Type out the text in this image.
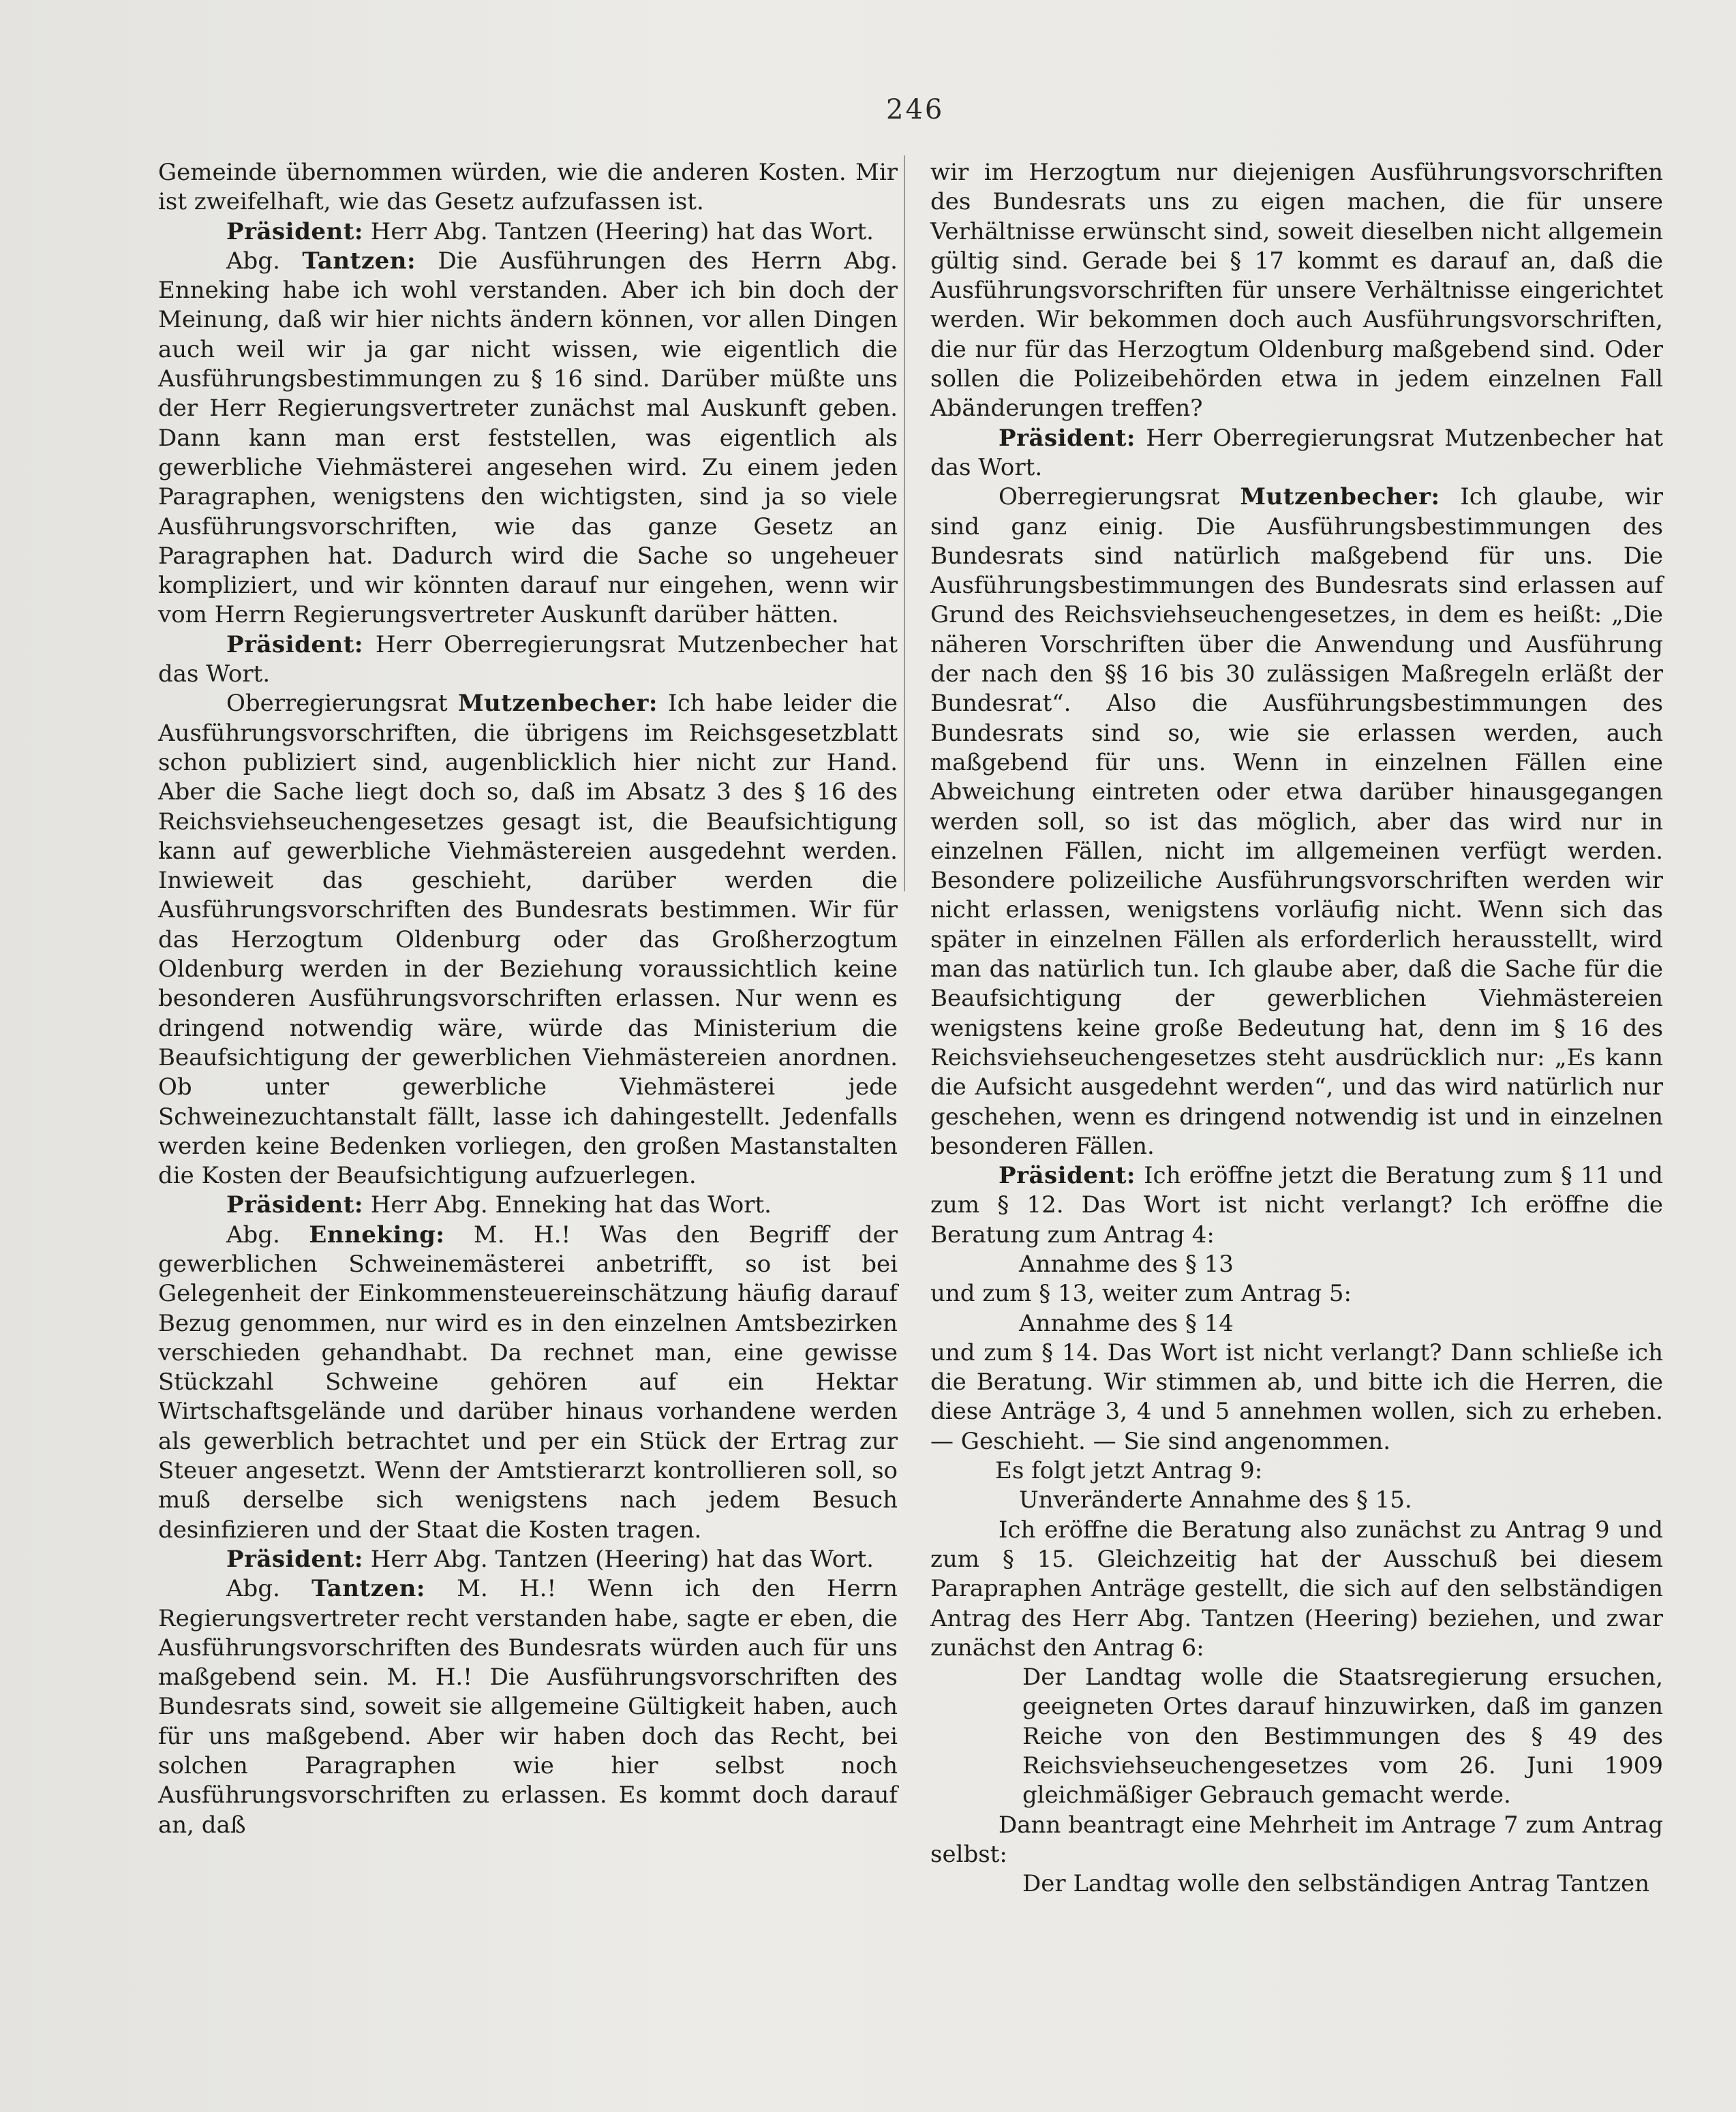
246

Gemeinde übernommen würden, wie die anderen Kosten. Mir ist zweifelhaft, wie das Gesetz aufzufassen ist.

Präsident: Herr Abg. Tantzen (Heering) hat das Wort.

Abg. Tantzen: Die Ausführungen des Herrn Abg. Enneking habe ich wohl verstanden. Aber ich bin doch der Meinung, daß wir hier nichts ändern können, vor allen Dingen auch weil wir ja gar nicht wissen, wie eigentlich die Ausführungsbestimmungen zu § 16 sind. Darüber müßte uns der Herr Regierungsvertreter zunächst mal Auskunft geben. Dann kann man erst feststellen, was eigentlich als gewerbliche Viehmästerei angesehen wird. Zu einem jeden Paragraphen, wenigstens den wichtigsten, sind ja so viele Ausführungsvorschriften, wie das ganze Gesetz an Paragraphen hat. Dadurch wird die Sache so ungeheuer kompliziert, und wir könnten darauf nur eingehen, wenn wir vom Herrn Regierungsvertreter Auskunft darüber hätten.

Präsident: Herr Oberregierungsrat Mutzenbecher hat das Wort.

Oberregierungsrat Mutzenbecher: Ich habe leider die Ausführungsvorschriften, die übrigens im Reichsgesetzblatt schon publiziert sind, augenblicklich hier nicht zur Hand. Aber die Sache liegt doch so, daß im Absatz 3 des § 16 des Reichsviehseuchengesetzes gesagt ist, die Beaufsichtigung kann auf gewerbliche Viehmästereien ausgedehnt werden. Inwieweit das geschieht, darüber werden die Ausführungsvorschriften des Bundesrats bestimmen. Wir für das Herzogtum Oldenburg oder das Großherzogtum Oldenburg werden in der Beziehung voraussichtlich keine besonderen Ausführungsvorschriften erlassen. Nur wenn es dringend notwendig wäre, würde das Ministerium die Beaufsichtigung der gewerblichen Viehmästereien anordnen. Ob unter gewerbliche Viehmästerei jede Schweinezuchtanstalt fällt, lasse ich dahingestellt. Jedenfalls werden keine Bedenken vorliegen, den großen Mastanstalten die Kosten der Beaufsichtigung aufzuerlegen.

Präsident: Herr Abg. Enneking hat das Wort.

Abg. Enneking: M. H.! Was den Begriff der gewerblichen Schweinemästerei anbetrifft, so ist bei Gelegenheit der Einkommensteuereinschätzung häufig darauf Bezug genommen, nur wird es in den einzelnen Amtsbezirken verschieden gehandhabt. Da rechnet man, eine gewisse Stückzahl Schweine gehören auf ein Hektar Wirtschaftsgelände und darüber hinaus vorhandene werden als gewerblich betrachtet und per ein Stück der Ertrag zur Steuer angesetzt. Wenn der Amtstierarzt kontrollieren soll, so muß derselbe sich wenigstens nach jedem Besuch desinfizieren und der Staat die Kosten tragen.

Präsident: Herr Abg. Tantzen (Heering) hat das Wort.

Abg. Tantzen: M. H.! Wenn ich den Herrn Regierungsvertreter recht verstanden habe, sagte er eben, die Ausführungsvorschriften des Bundesrats würden auch für uns maßgebend sein. M. H.! Die Ausführungsvorschriften des Bundesrats sind, soweit sie allgemeine Gültigkeit haben, auch für uns maßgebend. Aber wir haben doch das Recht, bei solchen Paragraphen wie hier selbst noch Ausführungsvorschriften zu erlassen. Es kommt doch darauf an, daß

wir im Herzogtum nur diejenigen Ausführungsvorschriften des Bundesrats uns zu eigen machen, die für unsere Verhältnisse erwünscht sind, soweit dieselben nicht allgemein gültig sind. Gerade bei § 17 kommt es darauf an, daß die Ausführungsvorschriften für unsere Verhältnisse eingerichtet werden. Wir bekommen doch auch Ausführungsvorschriften, die nur für das Herzogtum Oldenburg maßgebend sind. Oder sollen die Polizeibehörden etwa in jedem einzelnen Fall Abänderungen treffen?

Präsident: Herr Oberregierungsrat Mutzenbecher hat das Wort.

Oberregierungsrat Mutzenbecher: Ich glaube, wir sind ganz einig. Die Ausführungsbestimmungen des Bundesrats sind natürlich maßgebend für uns. Die Ausführungsbestimmungen des Bundesrats sind erlassen auf Grund des Reichsviehseuchengesetzes, in dem es heißt: „Die näheren Vorschriften über die Anwendung und Ausführung der nach den §§ 16 bis 30 zulässigen Maßregeln erläßt der Bundesrat“. Also die Ausführungsbestimmungen des Bundesrats sind so, wie sie erlassen werden, auch maßgebend für uns. Wenn in einzelnen Fällen eine Abweichung eintreten oder etwa darüber hinausgegangen werden soll, so ist das möglich, aber das wird nur in einzelnen Fällen, nicht im allgemeinen verfügt werden. Besondere polizeiliche Ausführungsvorschriften werden wir nicht erlassen, wenigstens vorläufig nicht. Wenn sich das später in einzelnen Fällen als erforderlich herausstellt, wird man das natürlich tun. Ich glaube aber, daß die Sache für die Beaufsichtigung der gewerblichen Viehmästereien wenigstens keine große Bedeutung hat, denn im § 16 des Reichsviehseuchengesetzes steht ausdrücklich nur: „Es kann die Aufsicht ausgedehnt werden“, und das wird natürlich nur geschehen, wenn es dringend notwendig ist und in einzelnen besonderen Fällen.

Präsident: Ich eröffne jetzt die Beratung zum § 11 und zum § 12. Das Wort ist nicht verlangt? Ich eröffne die Beratung zum Antrag 4:

Annahme des § 13

und zum § 13, weiter zum Antrag 5:

Annahme des § 14

und zum § 14. Das Wort ist nicht verlangt? Dann schließe ich die Beratung. Wir stimmen ab, und bitte ich die Herren, die diese Anträge 3, 4 und 5 annehmen wollen, sich zu erheben. — Geschieht. — Sie sind angenommen.

Es folgt jetzt Antrag 9:

Unveränderte Annahme des § 15.

Ich eröffne die Beratung also zunächst zu Antrag 9 und zum § 15. Gleichzeitig hat der Ausschuß bei diesem Parapraphen Anträge gestellt, die sich auf den selbständigen Antrag des Herr Abg. Tantzen (Heering) beziehen, und zwar zunächst den Antrag 6:

Der Landtag wolle die Staatsregierung ersuchen, geeigneten Ortes darauf hinzuwirken, daß im ganzen Reiche von den Bestimmungen des § 49 des Reichsviehseuchengesetzes vom 26. Juni 1909 gleichmäßiger Gebrauch gemacht werde.

Dann beantragt eine Mehrheit im Antrage 7 zum Antrag selbst:

Der Landtag wolle den selbständigen Antrag Tantzen
